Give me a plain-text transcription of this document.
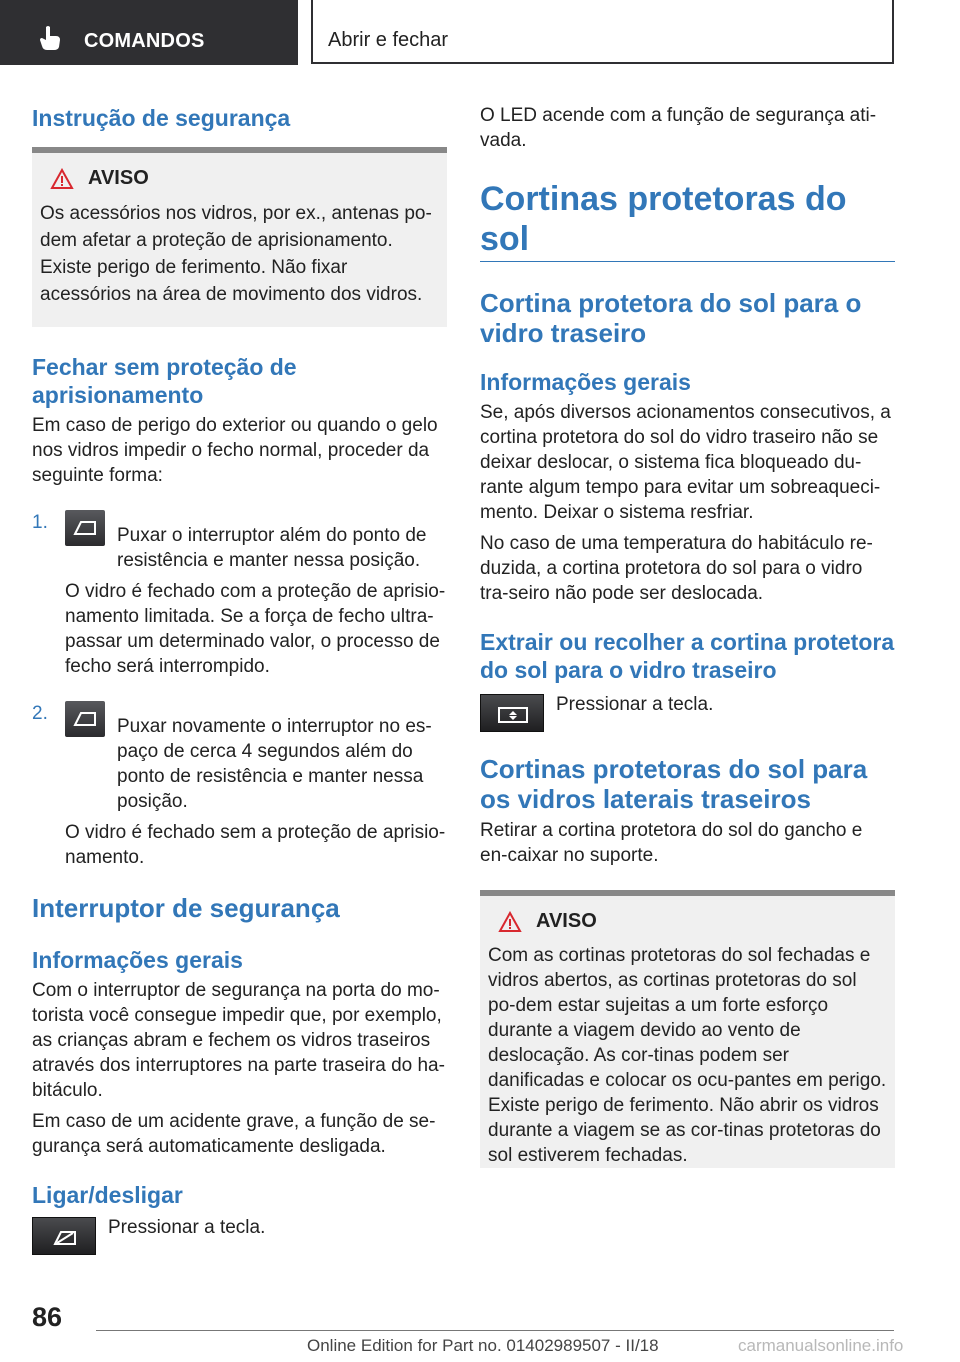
COMANDOS	Abrir e fechar
Instrução de segurança
AVISO

Os acessórios nos vidros, por ex., antenas po-dem afetar a proteção de aprisionamento. Existe perigo de ferimento. Não fixar acessórios na área de movimento dos vidros.

Fechar sem proteção de aprisionamento

Em caso de perigo do exterior ou quando o gelo nos vidros impedir o fecho normal, proceder da seguinte forma:

1.

Puxar o interruptor além do ponto de resistência e manter nessa posição.

O vidro é fechado com a proteção de aprisio-namento limitada. Se a força de fecho ultra-passar um determinado valor, o processo de fecho será interrompido.

2.

Puxar novamente o interruptor no es-paço de cerca 4 segundos além do ponto de resistência e manter nessa posição.

O vidro é fechado sem a proteção de aprisio-namento.

Interruptor de segurança
Informações gerais

Com o interruptor de segurança na porta do mo-torista você consegue impedir que, por exemplo, as crianças abram e fechem os vidros traseiros através dos interruptores na parte traseira do ha-bitáculo.

Em caso de um acidente grave, a função de se-gurança será automaticamente desligada.

Ligar/desligar

Pressionar a tecla.

O LED acende com a função de segurança ati-vada.

Cortinas protetoras do sol
Cortina protetora do sol para o vidro traseiro
Informações gerais

Se, após diversos acionamentos consecutivos, a cortina protetora do sol do vidro traseiro não se deixar deslocar, o sistema fica bloqueado du-rante algum tempo para evitar um sobreaqueci-mento. Deixar o sistema resfriar.

No caso de uma temperatura do habitáculo re-duzida, a cortina protetora do sol para o vidro tra-seiro não pode ser deslocada.

Extrair ou recolher a cortina protetora do sol para o vidro traseiro

Pressionar a tecla.

Cortinas protetoras do sol para os vidros laterais traseiros

Retirar a cortina protetora do sol do gancho e en-caixar no suporte.

AVISO

Com as cortinas protetoras do sol fechadas e vidros abertos, as cortinas protetoras do sol po-dem estar sujeitas a um forte esforço durante a viagem devido ao vento de deslocação. As cor-tinas podem ser danificadas e colocar os ocu-pantes em perigo. Existe perigo de ferimento. Não abrir os vidros durante a viagem se as cor-tinas protetoras do sol estiverem fechadas.

86
Online Edition for Part no. 01402989507 - II/18	carmanualsonline.info
